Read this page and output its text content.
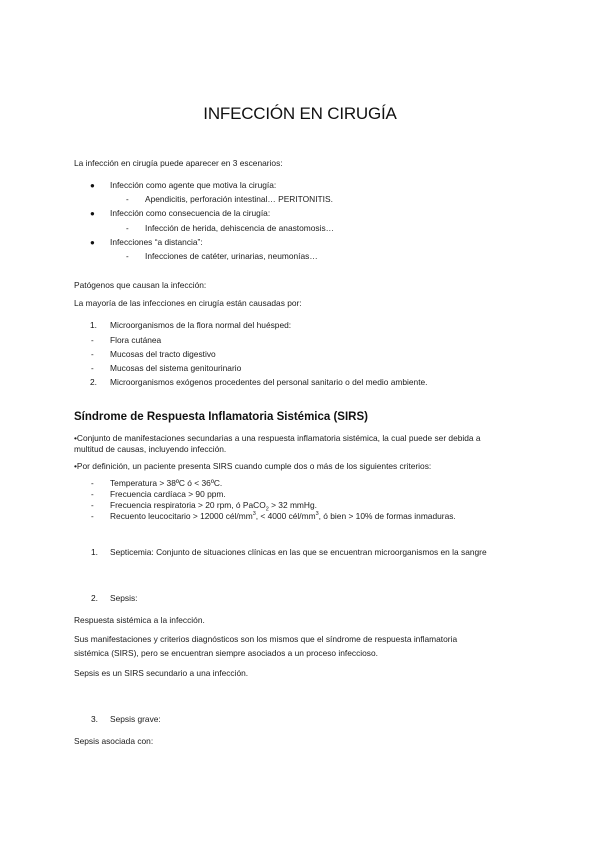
INFECCIÓN EN CIRUGÍA
La infección en cirugía puede aparecer en 3 escenarios:
● Infección como agente que motiva la cirugía:
- Apendicitis, perforación intestinal… PERITONITIS.
● Infección como consecuencia de la cirugía:
- Infección de herida, dehiscencia de anastomosis…
● Infecciones “a distancia”:
- Infecciones de catéter, urinarias, neumonías…
Patógenos que causan la infección:
La mayoría de las infecciones en cirugía están causadas por:
1. Microorganismos de la flora normal del huésped:
- Flora cutánea
- Mucosas del tracto digestivo
- Mucosas del sistema genitourinario
2. Microorganismos exógenos procedentes del personal sanitario o del medio ambiente.
Síndrome de Respuesta Inflamatoria Sistémica (SIRS)
•Conjunto de manifestaciones secundarias a una respuesta inflamatoria sistémica, la cual puede ser debida a
multitud de causas, incluyendo infección.
•Por definición, un paciente presenta SIRS cuando cumple dos o más de los siguientes criterios:
- Temperatura > 38ºC ó < 36ºC.
- Frecuencia cardíaca > 90 ppm.
- Frecuencia respiratoria > 20 rpm, ó PaCO$_2$ > 32 mmHg.
- Recuento leucocitario > 12000 cél/$mm^3$, < 4000 cél/$mm^3$, ó bien > 10% de formas inmaduras.
1. Septicemia: Conjunto de situaciones clínicas en las que se encuentran microorganismos en la sangre
2. Sepsis:
Respuesta sistémica a la infección.
Sus manifestaciones y criterios diagnósticos son los mismos que el síndrome de respuesta inflamatoria
sistémica (SIRS), pero se encuentran siempre asociados a un proceso infeccioso.
Sepsis es un SIRS secundario a una infección.
3. Sepsis grave:
Sepsis asociada con:
